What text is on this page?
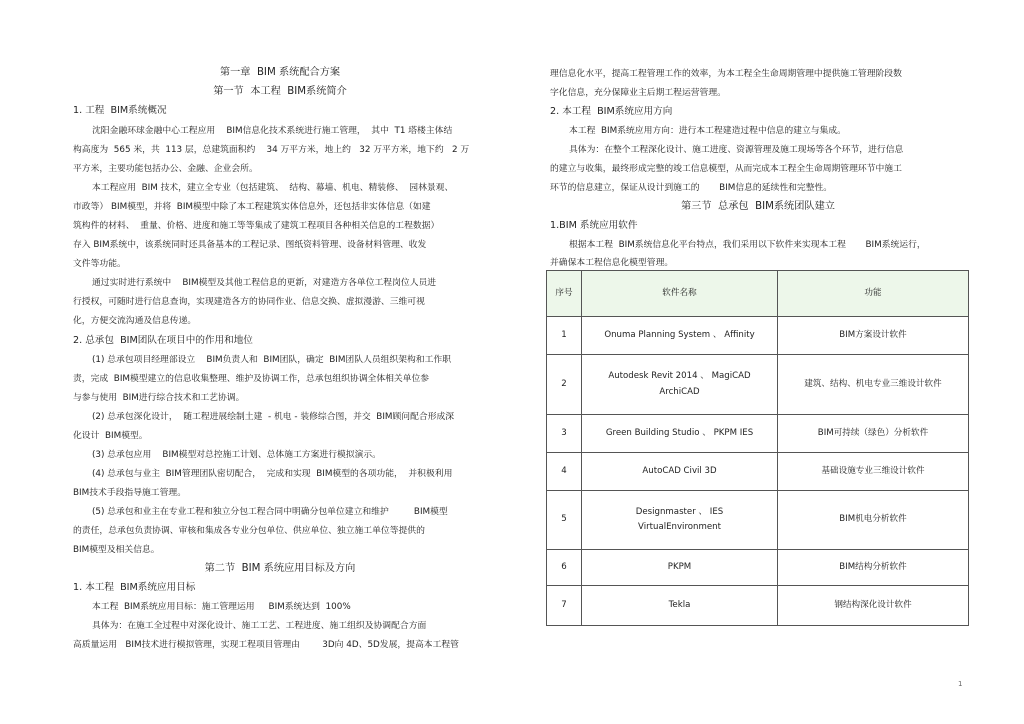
第一章  BIM 系统配合方案
第一节  本工程  BIM系统简介
1. 工程  BIM系统概况
沈阳金融环球金融中心工程应用    BIM信息化技术系统进行施工管理，  其中  T1 塔楼主体结
构高度为  565 米，共  113 层，总建筑面积约    34 万平方米，地上约   32 万平方米，地下约   2 万
平方米，主要功能包括办公、金融、企业会所。
本工程应用  BIM 技术，建立全专业（包括建筑、  结构、幕墙、机电、精装修、  园林景观、
市政等） BIM模型，并将  BIM模型中除了本工程建筑实体信息外，还包括非实体信息（如建
筑构件的材料、  重量、价格、进度和施工等等集成了建筑工程项目各种相关信息的工程数据）
存入 BIM系统中，该系统同时还具备基本的工程记录、图纸资料管理、设备材料管理、收发
文件等功能。
通过实时进行系统中    BIM模型及其他工程信息的更新，对建造方各单位工程岗位人员进
行授权，可随时进行信息查询，实现建造各方的协同作业、信息交换、虚拟漫游、三维可视
化，方便交流沟通及信息传递。
2. 总承包  BIM团队在项目中的作用和地位
(1) 总承包项目经理部设立    BIM负责人和  BIM团队，确定  BIM团队人员组织架构和工作职
责，完成  BIM模型建立的信息收集整理、维护及协调工作，总承包组织协调全体相关单位参
与参与使用  BIM进行综合技术和工艺协调。
(2) 总承包深化设计，  随工程进展绘制土建  - 机电 - 装修综合图，并交  BIM顾问配合形成深
化设计  BIM模型。
(3) 总承包应用    BIM模型对总控施工计划、总体施工方案进行模拟演示。
(4) 总承包与业主  BIM管理团队密切配合，  完成和实现  BIM模型的各项功能，  并积极利用
BIM技术手段指导施工管理。
(5) 总承包和业主在专业工程和独立分包工程合同中明确分包单位建立和维护         BIM模型
的责任，总承包负责协调、审核和集成各专业分包单位、供应单位、独立施工单位等提供的
BIM模型及相关信息。
第二节  BIM 系统应用目标及方向
1. 本工程  BIM系统应用目标
本工程  BIM系统应用目标：施工管理运用     BIM系统达到  100%
具体为：在施工全过程中对深化设计、施工工艺、工程进度、施工组织及协调配合方面
高质量运用   BIM技术进行模拟管理，实现工程项目管理由        3D向 4D、5D发展，提高本工程管
理信息化水平，提高工程管理工作的效率，为本工程全生命周期管理中提供施工管理阶段数
字化信息，充分保障业主后期工程运营管理。
2. 本工程  BIM系统应用方向
本工程  BIM系统应用方向：进行本工程建造过程中信息的建立与集成。
具体为：在整个工程深化设计、施工进度、资源管理及施工现场等各个环节，进行信息
的建立与收集，最终形成完整的竣工信息模型，从而完成本工程全生命周期管理环节中施工
环节的信息建立，保证从设计到施工的       BIM信息的延续性和完整性。
第三节  总承包  BIM系统团队建立
1.BIM 系统应用软件
根据本工程  BIM系统信息化平台特点，我们采用以下软件来实现本工程       BIM系统运行，
并确保本工程信息化模型管理。
序号	软件名称	功能
1	Onuma Planning System 、 Affinity	BIM方案设计软件
2	Autodesk Revit 2014 、 MagiCAD
ArchiCAD	建筑、结构、机电专业三维设计软件
3	Green Building Studio 、 PKPM IES	BIM可持续（绿色）分析软件
4	AutoCAD Civil 3D	基础设施专业三维设计软件
5	Designmaster 、 IES
VirtualEnvironment	BIM机电分析软件
6	PKPM	BIM结构分析软件
7	Tekla	钢结构深化设计软件
1
